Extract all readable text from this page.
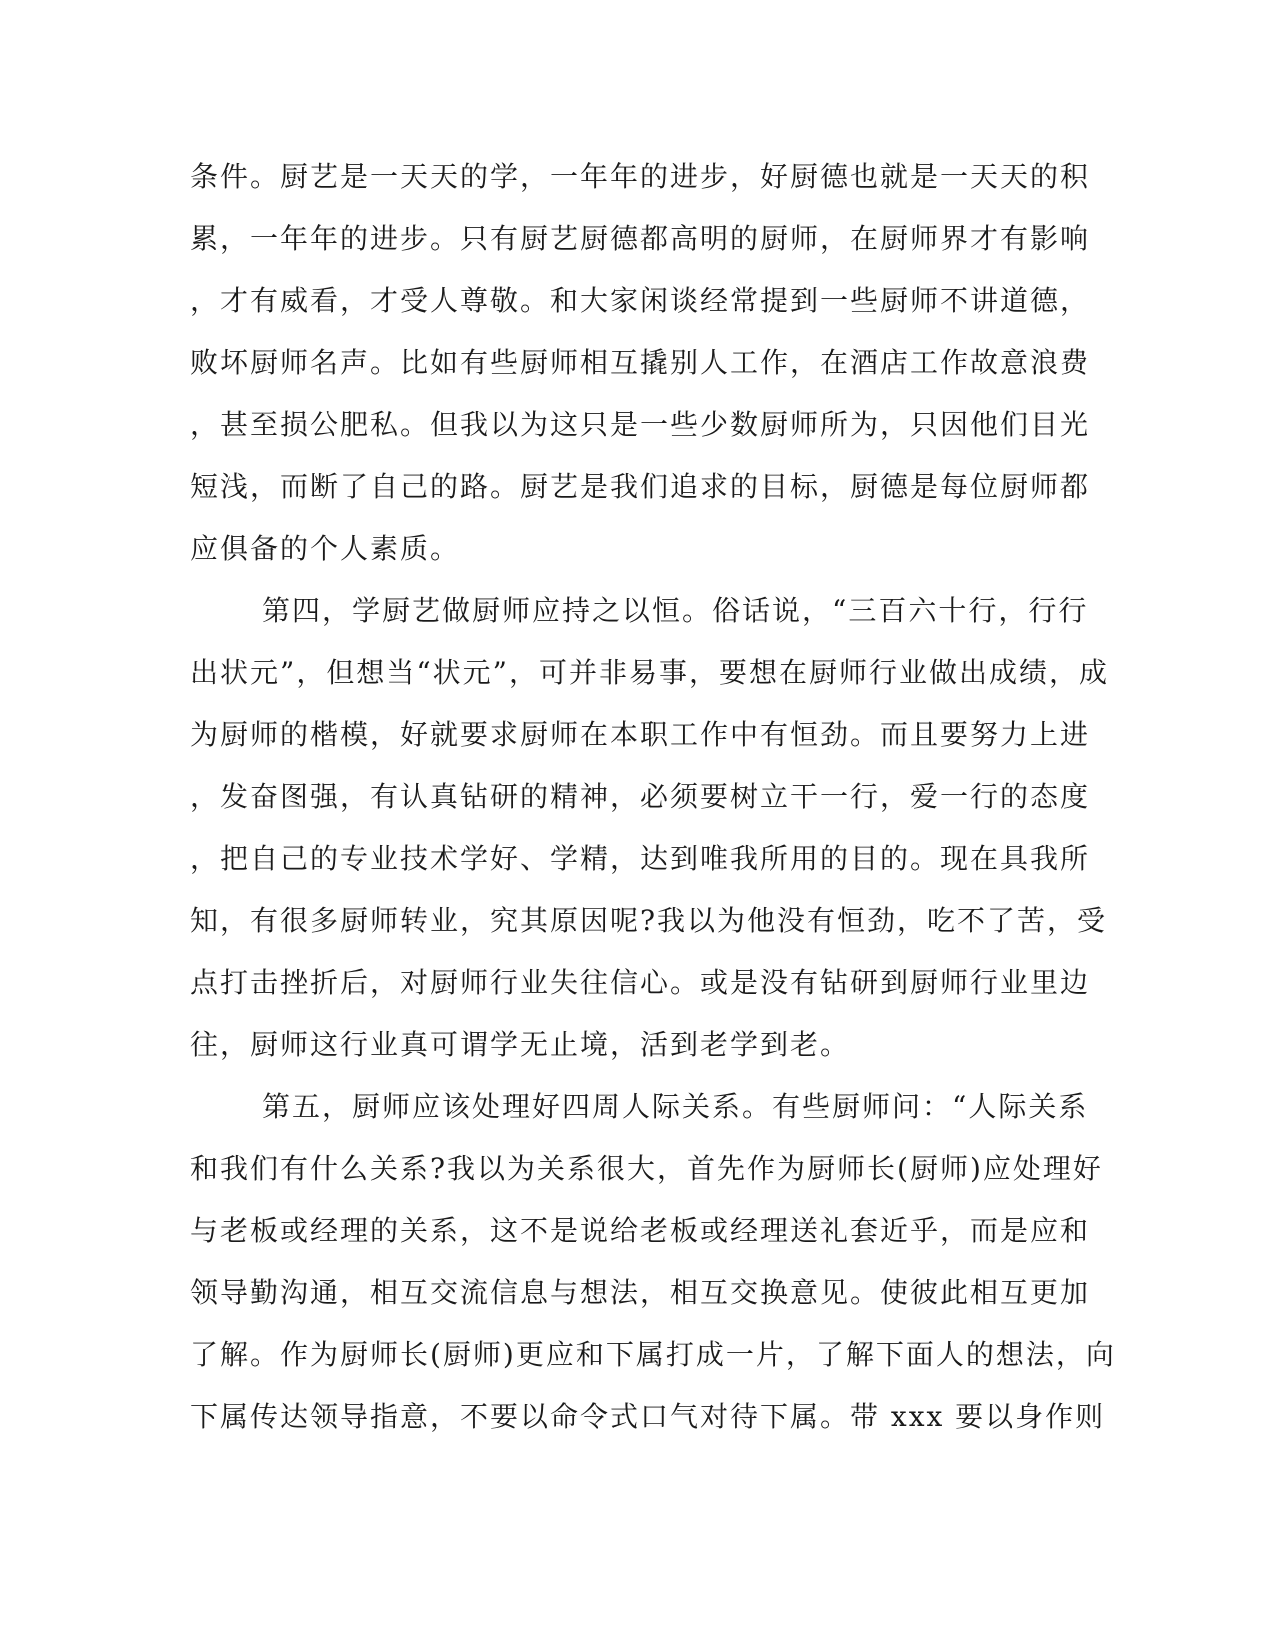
条件。厨艺是一天天的学，一年年的进步，好厨德也就是一天天的积
累，一年年的进步。只有厨艺厨德都高明的厨师，在厨师界才有影响
，才有威看，才受人尊敬。和大家闲谈经常提到一些厨师不讲道德，
败坏厨师名声。比如有些厨师相互撬别人工作，在酒店工作故意浪费
，甚至损公肥私。但我以为这只是一些少数厨师所为，只因他们目光
短浅，而断了自己的路。厨艺是我们追求的目标，厨德是每位厨师都
应俱备的个人素质。
第四，学厨艺做厨师应持之以恒。俗话说，“三百六十行，行行
出状元”，但想当“状元”，可并非易事，要想在厨师行业做出成绩，成
为厨师的楷模，好就要求厨师在本职工作中有恒劲。而且要努力上进
，发奋图强，有认真钻研的精神，必须要树立干一行，爱一行的态度
，把自己的专业技术学好、学精，达到唯我所用的目的。现在具我所
知，有很多厨师转业，究其原因呢?我以为他没有恒劲，吃不了苦，受
点打击挫折后，对厨师行业失往信心。或是没有钻研到厨师行业里边
往，厨师这行业真可谓学无止境，活到老学到老。
第五，厨师应该处理好四周人际关系。有些厨师问：“人际关系
和我们有什么关系?我以为关系很大，首先作为厨师长(厨师)应处理好
与老板或经理的关系，这不是说给老板或经理送礼套近乎，而是应和
领导勤沟通，相互交流信息与想法，相互交换意见。使彼此相互更加
了解。作为厨师长(厨师)更应和下属打成一片，了解下面人的想法，向
下属传达领导指意，不要以命令式口气对待下属。带 xxx 要以身作则
